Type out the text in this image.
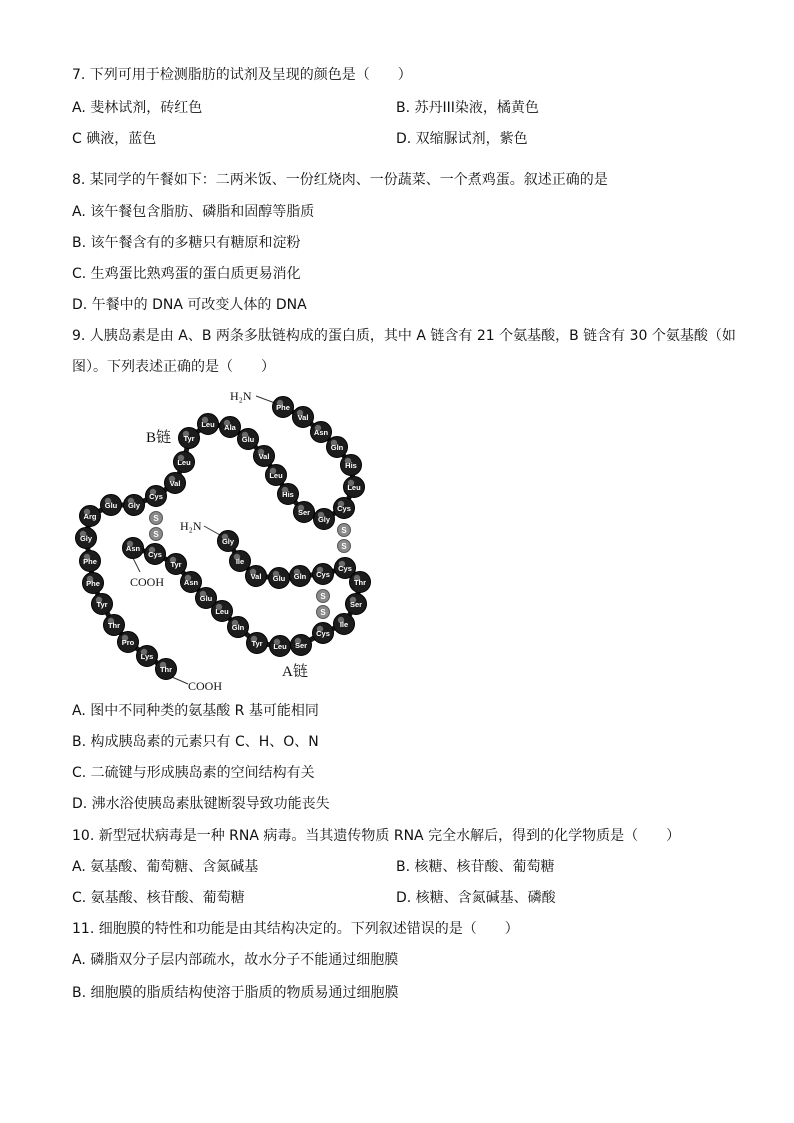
7. 下列可用于检测脂肪的试剂及呈现的颜色是（　　）
A. 斐林试剂，砖红色	B. 苏丹III染液，橘黄色
C 碘液，蓝色	D. 双缩脲试剂，紫色
8. 某同学的午餐如下：二两米饭、一份红烧肉、一份蔬菜、一个煮鸡蛋。叙述正确的是
A. 该午餐包含脂肪、磷脂和固醇等脂质
B. 该午餐含有的多糖只有糖原和淀粉
C. 生鸡蛋比熟鸡蛋的蛋白质更易消化
D. 午餐中的 DNA 可改变人体的 DNA
9. 人胰岛素是由 A、B 两条多肽链构成的蛋白质，其中 A 链含有 21 个氨基酸，B 链含有 30 个氨基酸（如
图）。下列表述正确的是（　　）
Phe
Val
Asn
Gln
His
Leu
Cys
Gly
Ser
His
Leu
Val
Glu
Ala
Leu
Tyr
Leu
Val
Cys
Gly
Glu
Arg
Gly
Phe
Phe
Tyr
Thr
Pro
Lys
Thr
Gly
Ile
Val Glu Gln Cys
Cys
Thr
Ser
Ile
Cys
Ser
Leu
Tyr
Gln
Leu
Glu
Asn
Tyr
Cys
Asn
S
S	S
S
S
S
B链
A链
H₂N
H₂N
COOH
COOH
A. 图中不同种类的氨基酸 R 基可能相同
B. 构成胰岛素的元素只有 C、H、O、N
C. 二硫键与形成胰岛素的空间结构有关
D. 沸水浴使胰岛素肽键断裂导致功能丧失
10. 新型冠状病毒是一种 RNA 病毒。当其遗传物质 RNA 完全水解后，得到的化学物质是（　　）
A. 氨基酸、葡萄糖、含氮碱基	B. 核糖、核苷酸、葡萄糖
C. 氨基酸、核苷酸、葡萄糖	D. 核糖、含氮碱基、磷酸
11. 细胞膜的特性和功能是由其结构决定的。下列叙述错误的是（　　）
A. 磷脂双分子层内部疏水，故水分子不能通过细胞膜
B. 细胞膜的脂质结构使溶于脂质的物质易通过细胞膜
